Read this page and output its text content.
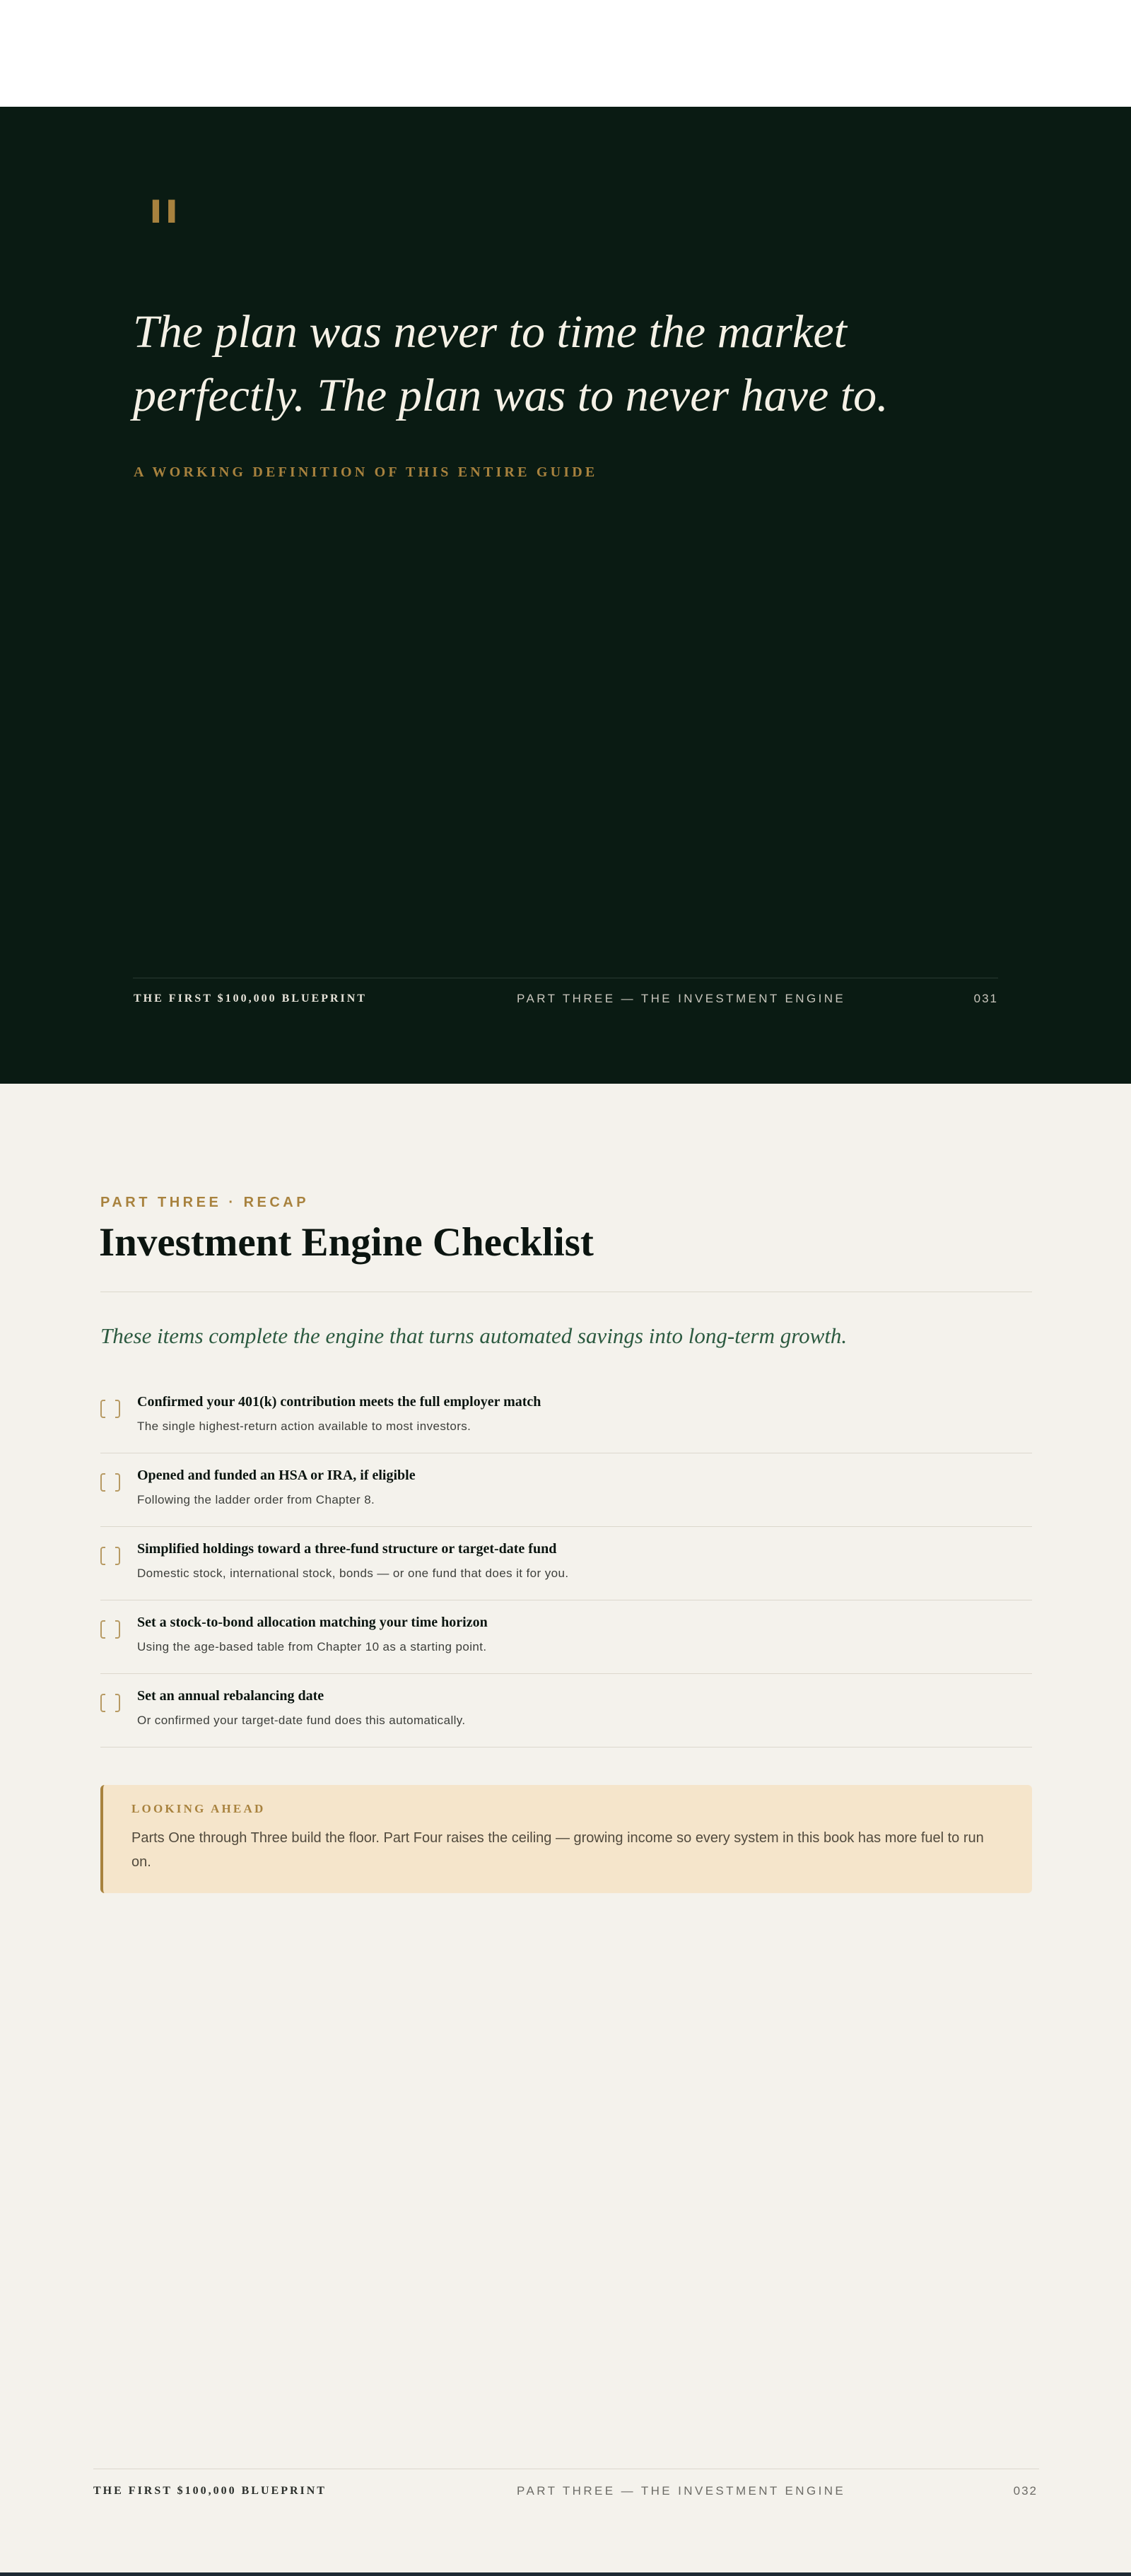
"
The plan was never to time the market perfectly. The plan was to never have to.
A WORKING DEFINITION OF THIS ENTIRE GUIDE
THE FIRST $100,000 BLUEPRINT	PART THREE — THE INVESTMENT ENGINE	031
PART THREE · RECAP
Investment Engine Checklist

These items complete the engine that turns automated savings into long-term growth.

Confirmed your 401(k) contribution meets the full employer match
The single highest-return action available to most investors.
Opened and funded an HSA or IRA, if eligible
Following the ladder order from Chapter 8.
Simplified holdings toward a three-fund structure or target-date fund
Domestic stock, international stock, bonds — or one fund that does it for you.
Set a stock-to-bond allocation matching your time horizon
Using the age-based table from Chapter 10 as a starting point.
Set an annual rebalancing date
Or confirmed your target-date fund does this automatically.
LOOKING AHEAD
Parts One through Three build the floor. Part Four raises the ceiling — growing income so every system in this book has more fuel to run on.
THE FIRST $100,000 BLUEPRINT	PART THREE — THE INVESTMENT ENGINE	032
